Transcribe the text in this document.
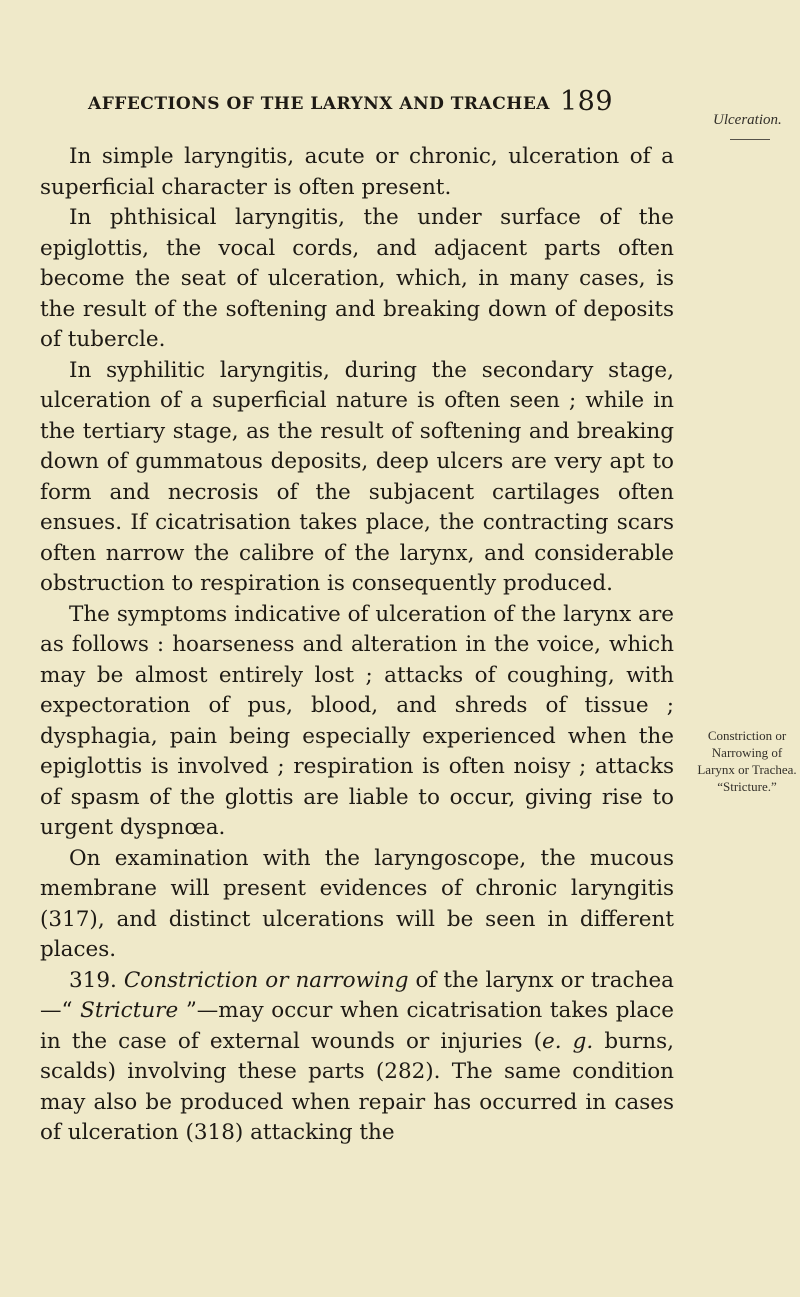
AFFECTIONS OF THE LARYNX AND TRACHEA 189
Ulceration.
Constriction or Narrowing of Larynx or Trachea. “Stricture.”

In simple laryngitis, acute or chronic, ulceration of a superficial character is often present.

In phthisical laryngitis, the under surface of the epiglottis, the vocal cords, and adjacent parts often become the seat of ulceration, which, in many cases, is the result of the softening and breaking down of deposits of tubercle.

In syphilitic laryngitis, during the secondary stage, ulceration of a superficial nature is often seen ; while in the tertiary stage, as the result of softening and breaking down of gummatous deposits, deep ulcers are very apt to form and necrosis of the subjacent cartilages often ensues. If cicatrisation takes place, the contracting scars often narrow the calibre of the larynx, and considerable obstruction to respiration is consequently produced.

The symptoms indicative of ulceration of the larynx are as follows : hoarseness and alteration in the voice, which may be almost entirely lost ; attacks of coughing, with expectoration of pus, blood, and shreds of tissue ; dysphagia, pain being especially experienced when the epiglottis is involved ; respiration is often noisy ; attacks of spasm of the glottis are liable to occur, giving rise to urgent dyspnœa.

On examination with the laryngoscope, the mucous membrane will present evidences of chronic laryngitis (317), and distinct ulcerations will be seen in different places.

319. Constriction or narrowing of the larynx or trachea—“ Stricture ”—may occur when cicatrisation takes place in the case of external wounds or injuries (e. g. burns, scalds) involving these parts (282). The same condition may also be produced when repair has occurred in cases of ulceration (318) attacking the
